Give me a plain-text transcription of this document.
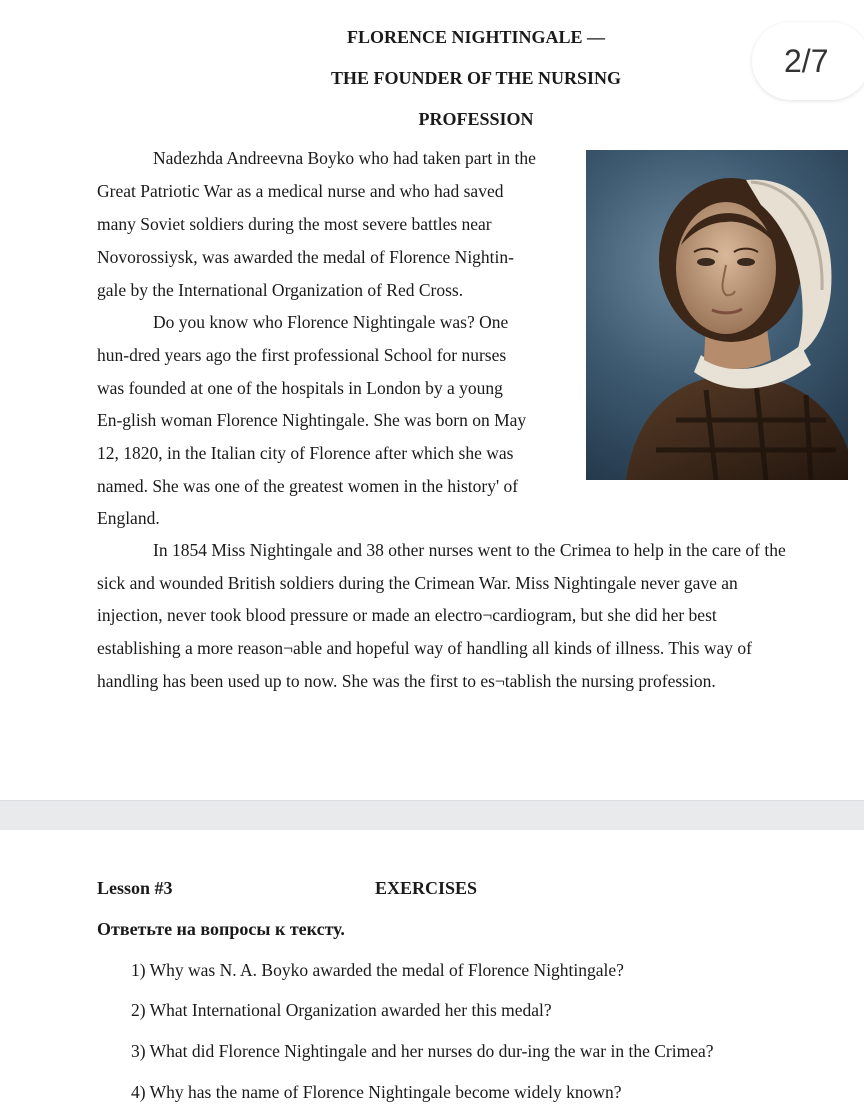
FLORENCE NIGHTINGALE —
THE FOUNDER OF THE NURSING
PROFESSION

Nadezhda Andreevna Boyko who had taken part in the

Great Patriotic War as a medical nurse and who had saved

many Soviet soldiers during the most severe battles near

Novorossiysk, was awarded the medal of Florence Nightin-

gale by the International Organization of Red Cross.

Do you know who Florence Nightingale was? One

hun-dred years ago the first professional School for nurses

was founded at one of the hospitals in London by a young

En-glish woman Florence Nightingale. She was born on May

12, 1820, in the Italian city of Florence after which she was

named. She was one of the greatest women in the history' of

England.

In 1854 Miss Nightingale and 38 other nurses went to the Crimea to help in the care of the

sick and wounded British soldiers during the Crimean War. Miss Nightingale never gave an

injection, never took blood pressure or made an electro¬cardiogram, but she did her best

establishing a more reason¬able and hopeful way of handling all kinds of illness. This way of

handling has been used up to now. She was the first to es¬tablish the nursing profession.

2/7
Lesson #3	EXERCISES
Ответьте на вопросы к тексту.
1) Why was N. A. Boyko awarded the medal of Florence Nightingale?
2) What International Organization awarded her this medal?
3) What did Florence Nightingale and her nurses do dur-ing the war in the Crimea?
4) Why has the name of Florence Nightingale become widely known?
